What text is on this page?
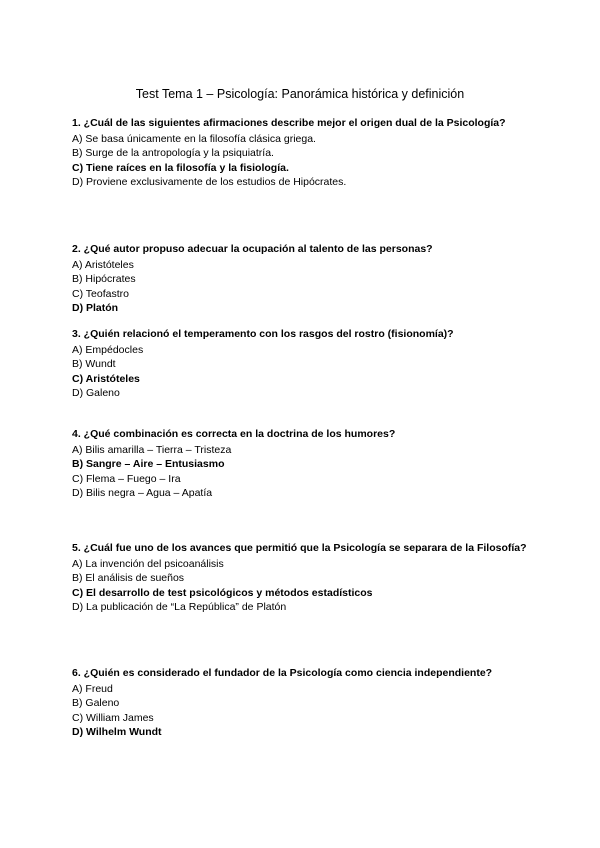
Test Tema 1 – Psicología: Panorámica histórica y definición
1. ¿Cuál de las siguientes afirmaciones describe mejor el origen dual de la Psicología?
A) Se basa únicamente en la filosofía clásica griega.
B) Surge de la antropología y la psiquiatría.
C) Tiene raíces en la filosofía y la fisiología.
D) Proviene exclusivamente de los estudios de Hipócrates.
2. ¿Qué autor propuso adecuar la ocupación al talento de las personas?
A) Aristóteles
B) Hipócrates
C) Teofastro
D) Platón
3. ¿Quién relacionó el temperamento con los rasgos del rostro (fisionomía)?
A) Empédocles
B) Wundt
C) Aristóteles
D) Galeno
4. ¿Qué combinación es correcta en la doctrina de los humores?
A) Bilis amarilla – Tierra – Tristeza
B) Sangre – Aire – Entusiasmo
C) Flema – Fuego – Ira
D) Bilis negra – Agua – Apatía
5. ¿Cuál fue uno de los avances que permitió que la Psicología se separara de la Filosofía?
A) La invención del psicoanálisis
B) El análisis de sueños
C) El desarrollo de test psicológicos y métodos estadísticos
D) La publicación de “La República” de Platón
6. ¿Quién es considerado el fundador de la Psicología como ciencia independiente?
A) Freud
B) Galeno
C) William James
D) Wilhelm Wundt
